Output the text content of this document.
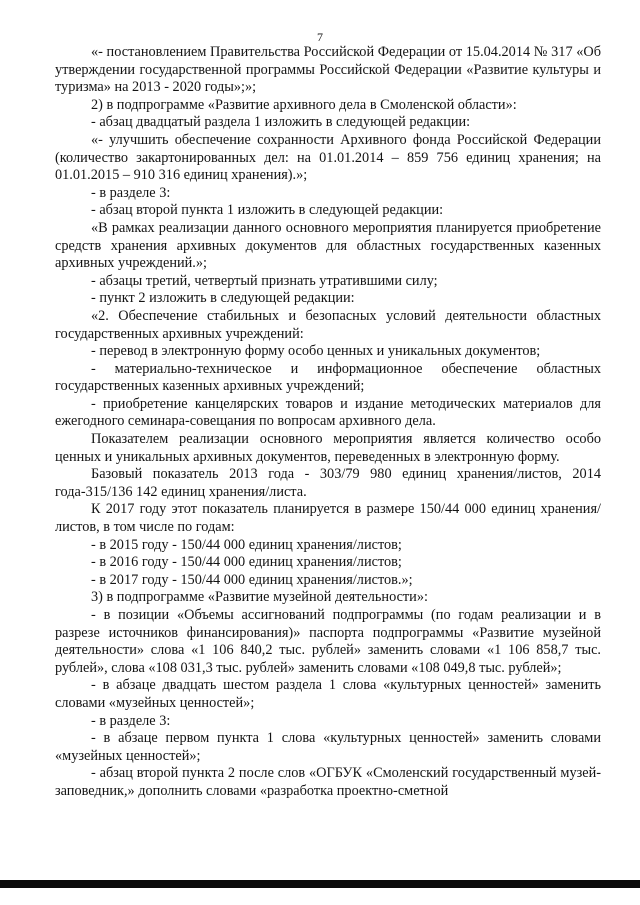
7

«- постановлением Правительства Российской Федерации от 15.04.2014 № 317 «Об утверждении государственной программы Российской Федерации «Развитие культуры и туризма» на 2013 - 2020 годы»;»;

2) в подпрограмме «Развитие архивного дела в Смоленской области»:

- абзац двадцатый раздела 1 изложить в следующей редакции:

«- улучшить обеспечение сохранности Архивного фонда Российской Федерации (количество закартонированных дел: на 01.01.2014 – 859 756 единиц хранения; на 01.01.2015 – 910 316 единиц хранения).»;

- в разделе 3:

- абзац второй пункта 1 изложить в следующей редакции:

«В рамках реализации данного основного мероприятия планируется приобретение средств хранения архивных документов для областных государственных казенных архивных учреждений.»;

- абзацы третий, четвертый признать утратившими силу;

- пункт 2 изложить в следующей редакции:

«2. Обеспечение стабильных и безопасных условий деятельности областных государственных архивных учреждений:

- перевод в электронную форму особо ценных и уникальных документов;

- материально-техническое и информационное обеспечение областных государственных казенных архивных учреждений;

- приобретение канцелярских товаров и издание методических материалов для ежегодного семинара-совещания по вопросам архивного дела.

Показателем реализации основного мероприятия является количество особо ценных и уникальных архивных документов, переведенных в электронную форму.

Базовый показатель 2013 года - 303/79 980 единиц хранения/листов, 2014 года-315/136 142 единиц хранения/листа.

К 2017 году этот показатель планируется в размере 150/44 000 единиц хранения/листов, в том числе по годам:

- в 2015 году - 150/44 000 единиц хранения/листов;

- в 2016 году - 150/44 000 единиц хранения/листов;

- в 2017 году - 150/44 000 единиц хранения/листов.»;

3) в подпрограмме «Развитие музейной деятельности»:

- в позиции «Объемы ассигнований подпрограммы (по годам реализации и в разрезе источников финансирования)» паспорта подпрограммы «Развитие музейной деятельности» слова «1 106 840,2 тыс. рублей» заменить словами «1 106 858,7 тыс. рублей», слова «108 031,3 тыс. рублей» заменить словами «108 049,8 тыс. рублей»;

- в абзаце двадцать шестом раздела 1 слова «культурных ценностей» заменить словами «музейных ценностей»;

- в разделе 3:

- в абзаце первом пункта 1 слова «культурных ценностей» заменить словами «музейных ценностей»;

- абзац второй пункта 2 после слов «ОГБУК «Смоленский государственный музей-заповедник,» дополнить словами «разработка проектно-сметной
